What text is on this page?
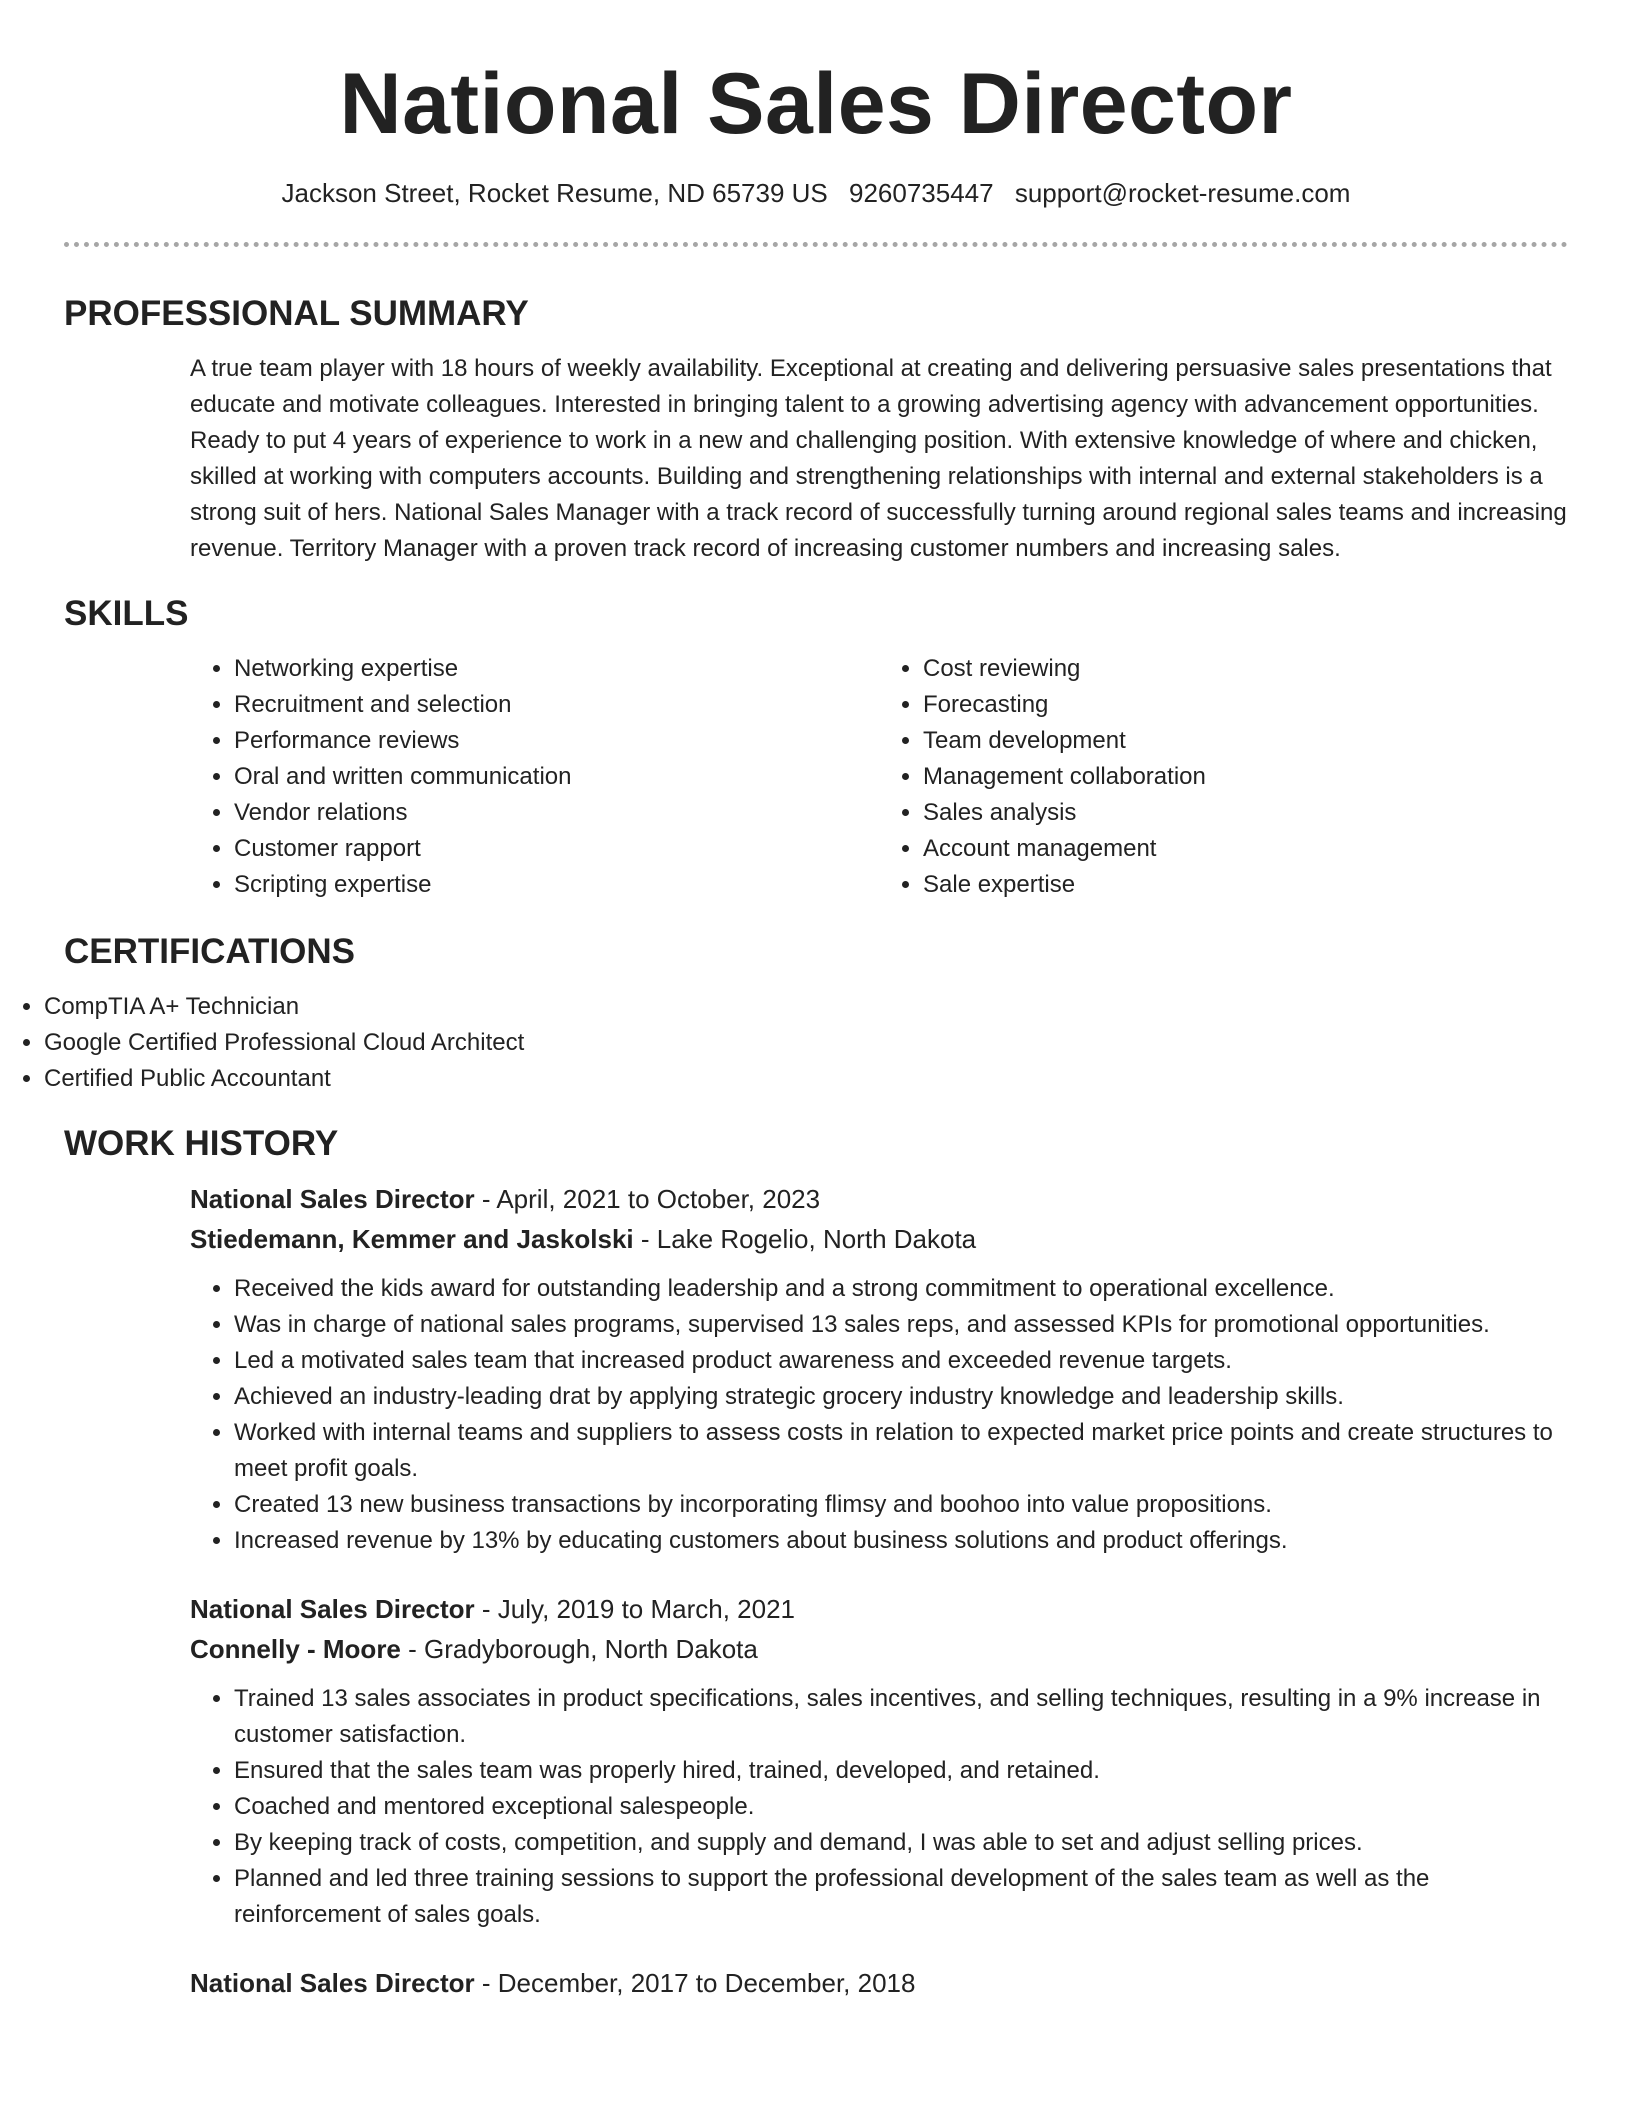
National Sales Director
Jackson Street, Rocket Resume, ND 65739 US 9260735447 support@rocket-resume.com
PROFESSIONAL SUMMARY

A true team player with 18 hours of weekly availability. Exceptional at creating and delivering persuasive sales presentations that educate and motivate colleagues. Interested in bringing talent to a growing advertising agency with advancement opportunities. Ready to put 4 years of experience to work in a new and challenging position. With extensive knowledge of where and chicken, skilled at working with computers accounts. Building and strengthening relationships with internal and external stakeholders is a strong suit of hers. National Sales Manager with a track record of successfully turning around regional sales teams and increasing revenue. Territory Manager with a proven track record of increasing customer numbers and increasing sales.

SKILLS
• Networking expertise
• Recruitment and selection
• Performance reviews
• Oral and written communication
• Vendor relations
• Customer rapport
• Scripting expertise
• Cost reviewing
• Forecasting
• Team development
• Management collaboration
• Sales analysis
• Account management
• Sale expertise
CERTIFICATIONS
• CompTIA A+ Technician
• Google Certified Professional Cloud Architect
• Certified Public Accountant
WORK HISTORY
National Sales Director - April, 2021 to October, 2023
Stiedemann, Kemmer and Jaskolski - Lake Rogelio, North Dakota
• Received the kids award for outstanding leadership and a strong commitment to operational excellence.
• Was in charge of national sales programs, supervised 13 sales reps, and assessed KPIs for promotional opportunities.
• Led a motivated sales team that increased product awareness and exceeded revenue targets.
• Achieved an industry-leading drat by applying strategic grocery industry knowledge and leadership skills.
• Worked with internal teams and suppliers to assess costs in relation to expected market price points and create structures to meet profit goals.
• Created 13 new business transactions by incorporating flimsy and boohoo into value propositions.
• Increased revenue by 13% by educating customers about business solutions and product offerings.
National Sales Director - July, 2019 to March, 2021
Connelly - Moore - Gradyborough, North Dakota
• Trained 13 sales associates in product specifications, sales incentives, and selling techniques, resulting in a 9% increase in customer satisfaction.
• Ensured that the sales team was properly hired, trained, developed, and retained.
• Coached and mentored exceptional salespeople.
• By keeping track of costs, competition, and supply and demand, I was able to set and adjust selling prices.
• Planned and led three training sessions to support the professional development of the sales team as well as the reinforcement of sales goals.
National Sales Director - December, 2017 to December, 2018
